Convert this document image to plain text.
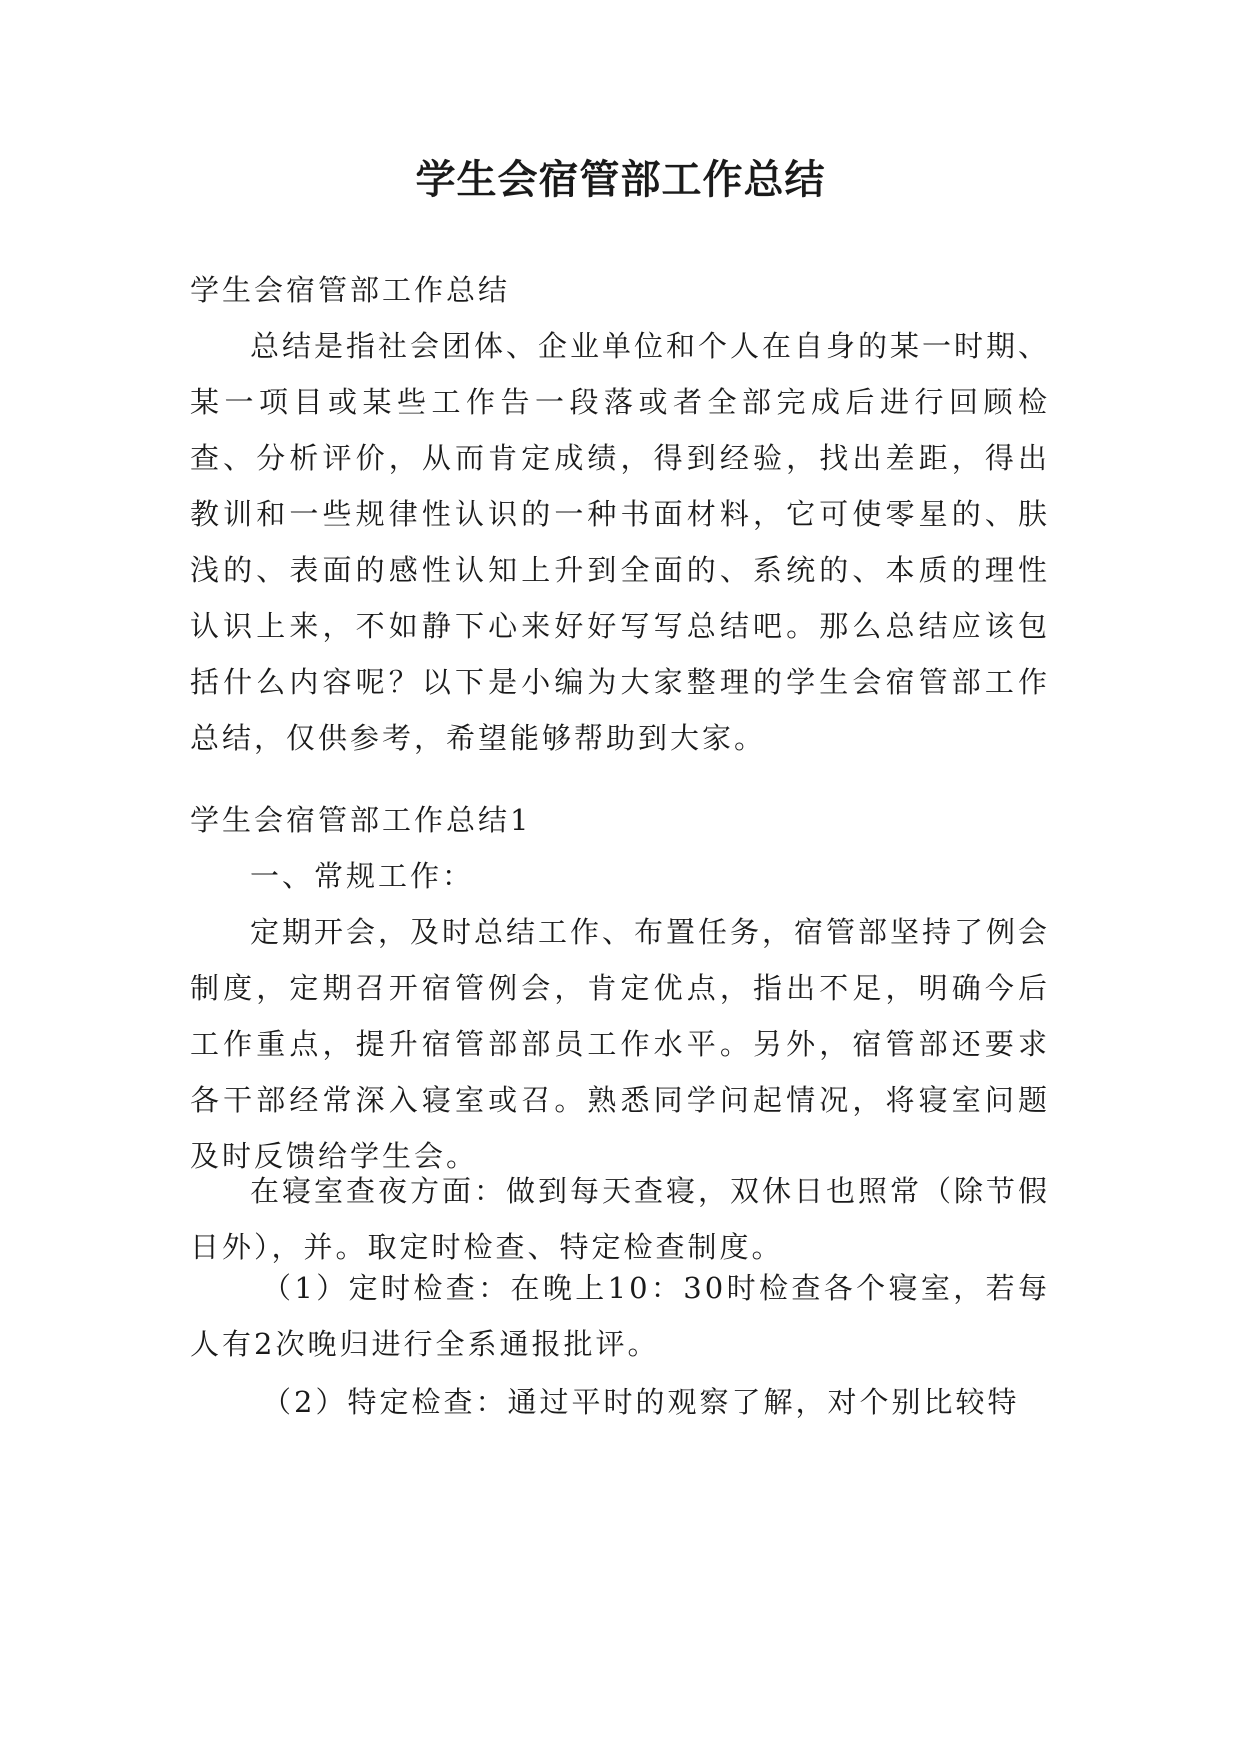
学生会宿管部工作总结

学生会宿管部工作总结

总结是指社会团体、企业单位和个人在自身的某一时期、某一项目或某些工作告一段落或者全部完成后进行回顾检查、分析评价，从而肯定成绩，得到经验，找出差距，得出教训和一些规律性认识的一种书面材料，它可使零星的、肤浅的、表面的感性认知上升到全面的、系统的、本质的理性认识上来，不如静下心来好好写写总结吧。那么总结应该包括什么内容呢？以下是小编为大家整理的学生会宿管部工作总结，仅供参考，希望能够帮助到大家。

学生会宿管部工作总结1

一、常规工作：

定期开会，及时总结工作、布置任务，宿管部坚持了例会制度，定期召开宿管例会，肯定优点，指出不足，明确今后工作重点，提升宿管部部员工作水平。另外，宿管部还要求各干部经常深入寝室或召。熟悉同学问起情况，将寝室问题及时反馈给学生会。

在寝室查夜方面：做到每天查寝，双休日也照常（除节假日外），并。取定时检查、特定检查制度。

（1）定时检查：在晚上10：30时检查各个寝室，若每人有2次晚归进行全系通报批评。

（2）特定检查：通过平时的观察了解，对个别比较特
